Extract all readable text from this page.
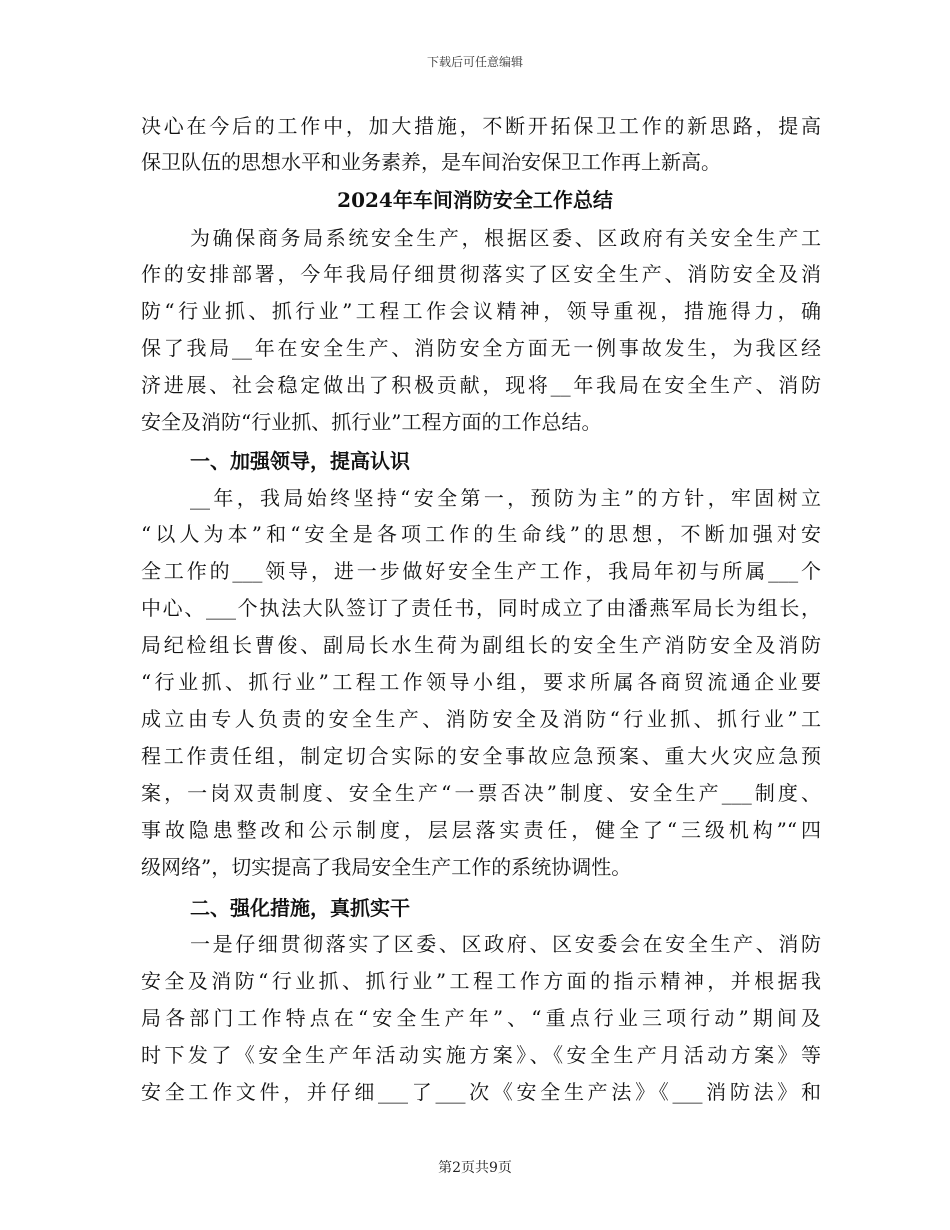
下载后可任意编辑
决心在今后的工作中，加大措施，不断开拓保卫工作的新思路，提高
保卫队伍的思想水平和业务素养，是车间治安保卫工作再上新高。
2024年车间消防安全工作总结
为确保商务局系统安全生产，根据区委、区政府有关安全生产工
作的安排部署，今年我局仔细贯彻落实了区安全生产、消防安全及消
防“行业抓、抓行业”工程工作会议精神，领导重视，措施得力，确
保了我局__年在安全生产、消防安全方面无一例事故发生，为我区经
济进展、社会稳定做出了积极贡献，现将__年我局在安全生产、消防
安全及消防“行业抓、抓行业”工程方面的工作总结。
一、加强领导，提高认识
__年，我局始终坚持“安全第一，预防为主”的方针，牢固树立
“以人为本”和“安全是各项工作的生命线”的思想，不断加强对安
全工作的___领导，进一步做好安全生产工作，我局年初与所属___个
中心、___个执法大队签订了责任书，同时成立了由潘燕军局长为组长，
局纪检组长曹俊、副局长水生荷为副组长的安全生产消防安全及消防
“行业抓、抓行业”工程工作领导小组，要求所属各商贸流通企业要
成立由专人负责的安全生产、消防安全及消防“行业抓、抓行业”工
程工作责任组，制定切合实际的安全事故应急预案、重大火灾应急预
案，一岗双责制度、安全生产“一票否决”制度、安全生产___制度、
事故隐患整改和公示制度，层层落实责任，健全了“三级机构”“四
级网络”，切实提高了我局安全生产工作的系统协调性。
二、强化措施，真抓实干
一是仔细贯彻落实了区委、区政府、区安委会在安全生产、消防
安全及消防“行业抓、抓行业”工程工作方面的指示精神，并根据我
局各部门工作特点在“安全生产年”、“重点行业三项行动”期间及
时下发了《安全生产年活动实施方案》、《安全生产月活动方案》等
安全工作文件，并仔细___了___次《安全生产法》《___消防法》和
第2页共9页
